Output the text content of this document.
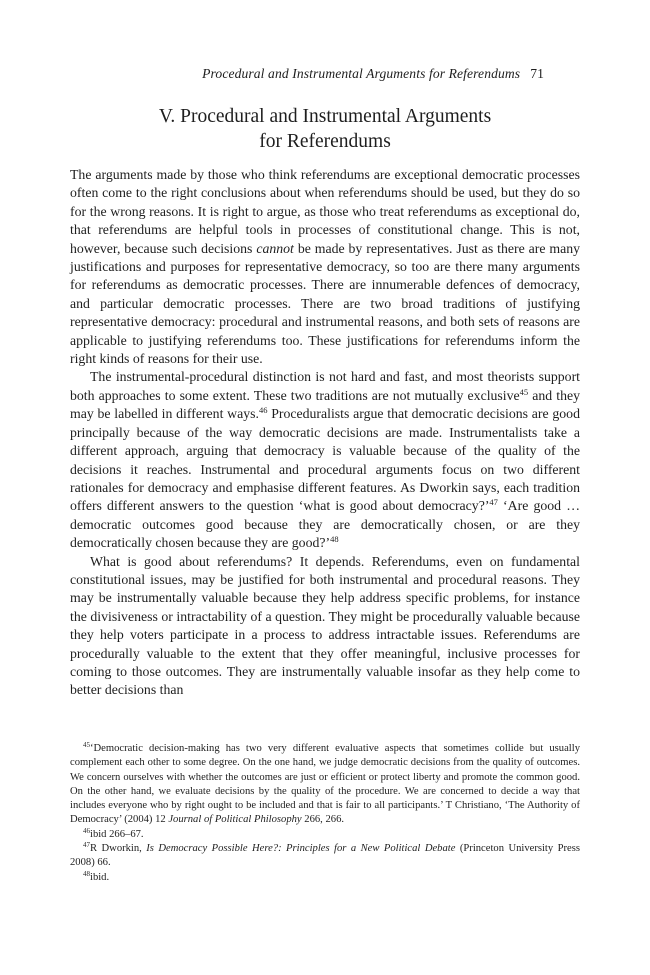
Procedural and Instrumental Arguments for Referendums 71
V. Procedural and Instrumental Arguments
for Referendums

The arguments made by those who think referendums are exceptional democratic processes often come to the right conclusions about when referendums should be used, but they do so for the wrong reasons. It is right to argue, as those who treat referendums as exceptional do, that referendums are helpful tools in processes of constitutional change. This is not, however, because such decisions cannot be made by representatives. Just as there are many justifications and purposes for representative democracy, so too are there many arguments for referendums as democratic processes. There are innumerable defences of democracy, and particular democratic processes. There are two broad traditions of justifying representative democracy: procedural and instrumental reasons, and both sets of reasons are applicable to justifying referendums too. These justifications for referendums inform the right kinds of reasons for their use.

The instrumental-procedural distinction is not hard and fast, and most theorists support both approaches to some extent. These two traditions are not mutually exclusive$^{45}$ and they may be labelled in different ways.$^{46}$ Proceduralists argue that democratic decisions are good principally because of the way democratic decisions are made. Instrumentalists take a different approach, arguing that democracy is valuable because of the quality of the decisions it reaches. Instrumental and procedural arguments focus on two different rationales for democracy and emphasise different features. As Dworkin says, each tradition offers different answers to the question ‘what is good about democracy?’$^{47}$ ‘Are good … democratic outcomes good because they are democratically chosen, or are they democratically chosen because they are good?’$^{48}$

What is good about referendums? It depends. Referendums, even on fundamental constitutional issues, may be justified for both instrumental and procedural reasons. They may be instrumentally valuable because they help address specific problems, for instance the divisiveness or intractability of a question. They might be procedurally valuable because they help voters participate in a process to address intractable issues. Referendums are procedurally valuable to the extent that they offer meaningful, inclusive processes for coming to those outcomes. They are instrumentally valuable insofar as they help come to better decisions than

$^{45}$‘Democratic decision-making has two very different evaluative aspects that sometimes collide but usually complement each other to some degree. On the one hand, we judge democratic decisions from the quality of outcomes. We concern ourselves with whether the outcomes are just or efficient or protect liberty and promote the common good. On the other hand, we evaluate decisions by the quality of the procedure. We are concerned to decide a way that includes everyone who by right ought to be included and that is fair to all participants.’ T Christiano, ‘The Authority of Democracy’ (2004) 12 Journal of Political Philosophy 266, 266.

$^{46}$ibid 266–67.

$^{47}$R Dworkin, Is Democracy Possible Here?: Principles for a New Political Debate (Princeton University Press 2008) 66.

$^{48}$ibid.
